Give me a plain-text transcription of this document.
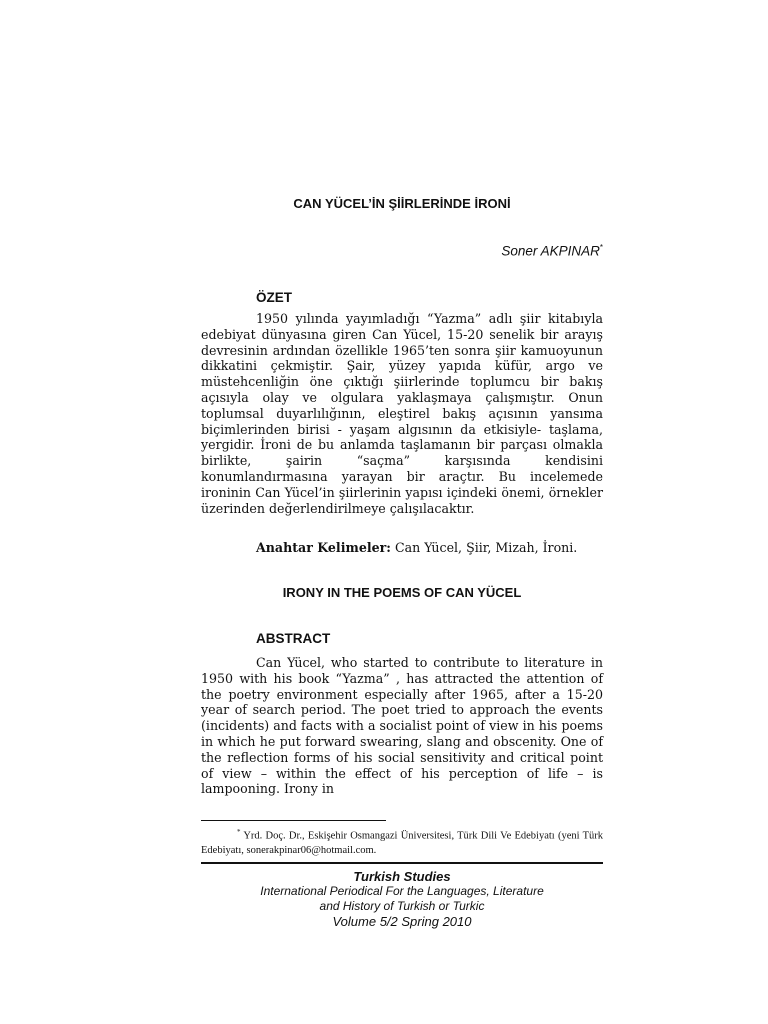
CAN YÜCEL’İN ŞİİRLERİNDE İRONİ

Soner AKPINAR*

ÖZET

1950 yılında yayımladığı “Yazma” adlı şiir kitabıyla edebiyat dünyasına giren Can Yücel, 15-20 senelik bir arayış devresinin ardından özellikle 1965’ten sonra şiir kamuoyunun dikkatini çekmiştir. Şair, yüzey yapıda küfür, argo ve müstehcenliğin öne çıktığı şiirlerinde toplumcu bir bakış açısıyla olay ve olgulara yaklaşmaya çalışmıştır. Onun toplumsal duyarlılığının, eleştirel bakış açısının yansıma biçimlerinden birisi - yaşam algısının da etkisiyle- taşlama, yergidir. İroni de bu anlamda taşlamanın bir parçası olmakla birlikte, şairin “saçma” karşısında kendisini konumlandırmasına yarayan bir araçtır. Bu incelemede ironinin Can Yücel’in şiirlerinin yapısı içindeki önemi, örnekler üzerinden değerlendirilmeye çalışılacaktır.

Anahtar Kelimeler: Can Yücel, Şiir, Mizah, İroni.

IRONY IN THE POEMS OF CAN YÜCEL
ABSTRACT

Can Yücel, who started to contribute to literature in 1950 with his book “Yazma” , has attracted the attention of the poetry environment especially after 1965, after a 15-20 year of search period. The poet tried to approach the events (incidents) and facts with a socialist point of view in his poems in which he put forward swearing, slang and obscenity. One of the reflection forms of his social sensitivity and critical point of view – within the effect of his perception of life – is lampooning. Irony in

* Yrd. Doç. Dr., Eskişehir Osmangazi Üniversitesi, Türk Dili Ve Edebiyatı (yeni Türk Edebiyatı, sonerakpinar06@hotmail.com.

Turkish Studies

International Periodical For the Languages, Literature

and History of Turkish or Turkic

Volume 5/2 Spring 2010
